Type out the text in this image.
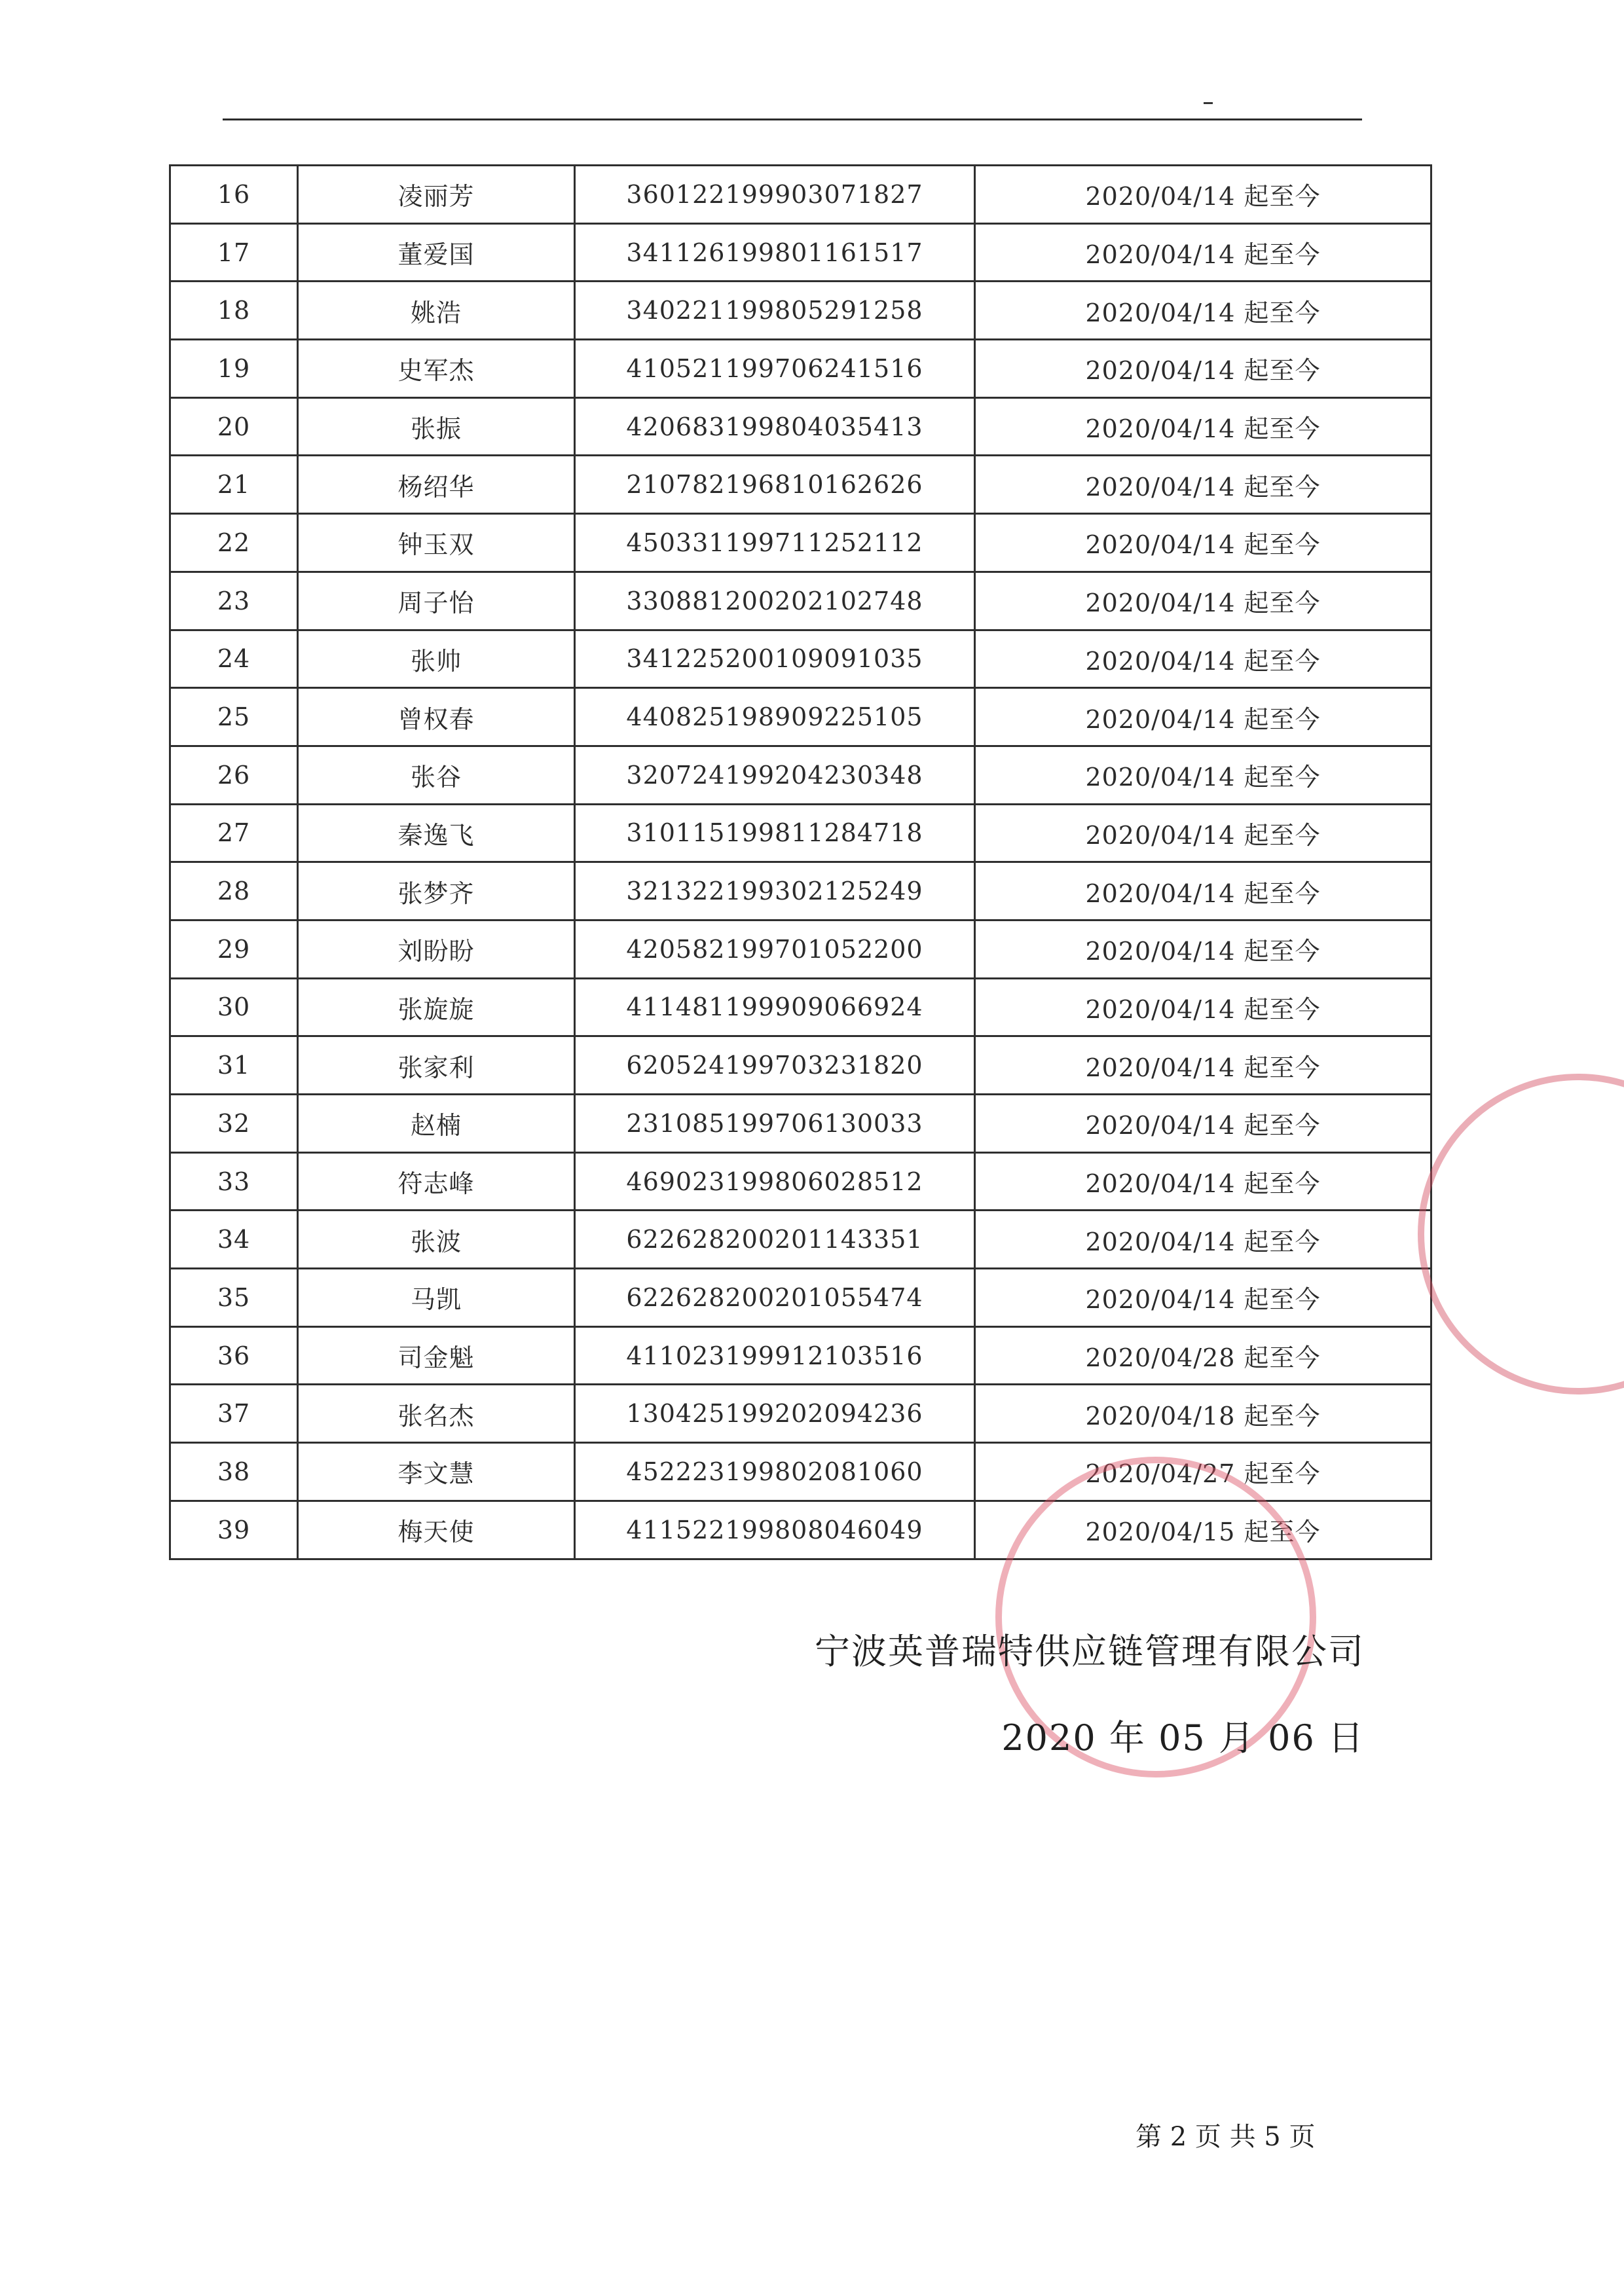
16	凌丽芳	360122199903071827	2020/04/14 起至今
17	董爱国	341126199801161517	2020/04/14 起至今
18	姚浩	340221199805291258	2020/04/14 起至今
19	史军杰	410521199706241516	2020/04/14 起至今
20	张振	420683199804035413	2020/04/14 起至今
21	杨绍华	210782196810162626	2020/04/14 起至今
22	钟玉双	450331199711252112	2020/04/14 起至今
23	周子怡	330881200202102748	2020/04/14 起至今
24	张帅	341225200109091035	2020/04/14 起至今
25	曾权春	440825198909225105	2020/04/14 起至今
26	张谷	320724199204230348	2020/04/14 起至今
27	秦逸飞	310115199811284718	2020/04/14 起至今
28	张梦齐	321322199302125249	2020/04/14 起至今
29	刘盼盼	420582199701052200	2020/04/14 起至今
30	张旋旋	411481199909066924	2020/04/14 起至今
31	张家利	620524199703231820	2020/04/14 起至今
32	赵楠	231085199706130033	2020/04/14 起至今
33	符志峰	469023199806028512	2020/04/14 起至今
34	张波	622628200201143351	2020/04/14 起至今
35	马凯	622628200201055474	2020/04/14 起至今
36	司金魁	411023199912103516	2020/04/28 起至今
37	张名杰	130425199202094236	2020/04/18 起至今
38	李文慧	452223199802081060	2020/04/27 起至今
39	梅天使	411522199808046049	2020/04/15 起至今
宁波英普瑞特供应链管理有限公司
2020 年 05 月 06 日
第 2 页 共 5 页
